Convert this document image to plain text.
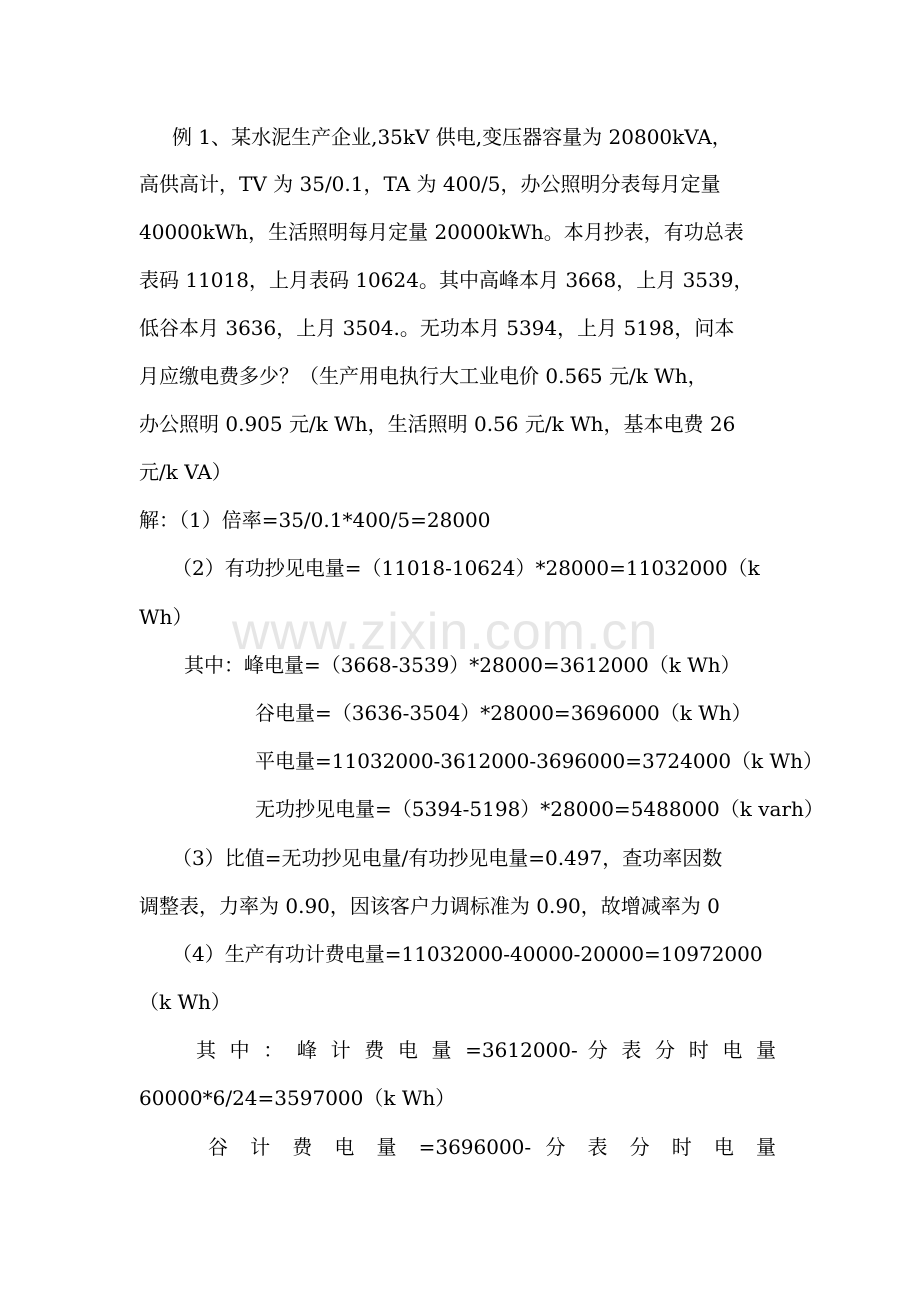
例 1、某水泥生产企业,35kV 供电,变压器容量为 20800kVA，

高供高计，TV 为 35/0.1，TA 为 400/5，办公照明分表每月定量

40000kWh，生活照明每月定量 20000kWh。本月抄表，有功总表

表码 11018，上月表码 10624。其中高峰本月 3668，上月 3539，

低谷本月 3636，上月 3504.。无功本月 5394，上月 5198，问本

月应缴电费多少？（生产用电执行大工业电价 0.565 元/k Wh，

办公照明 0.905 元/k Wh，生活照明 0.56 元/k Wh，基本电费 26

元/k VA）

解：（1）倍率=35/0.1*400/5=28000

（2）有功抄见电量=（11018-10624）*28000=11032000（k

Wh） www.zixin.com.cn

其中：峰电量=（3668-3539）*28000=3612000（k Wh）

谷电量=（3636-3504）*28000=3696000（k Wh）

平电量=11032000-3612000-3696000=3724000（k Wh）

无功抄见电量=（5394-5198）*28000=5488000（k varh）

（3）比值=无功抄见电量/有功抄见电量=0.497，查功率因数

调整表，力率为 0.90，因该客户力调标准为 0.90，故增减率为 0

（4）生产有功计费电量=11032000-40000-20000=10972000

（k Wh）

其 中 ： 峰 计 费 电 量 =3612000- 分 表 分 时 电 量

60000*6/24=3597000（k Wh）

谷 计 费 电 量 =3696000- 分 表 分 时 电 量
